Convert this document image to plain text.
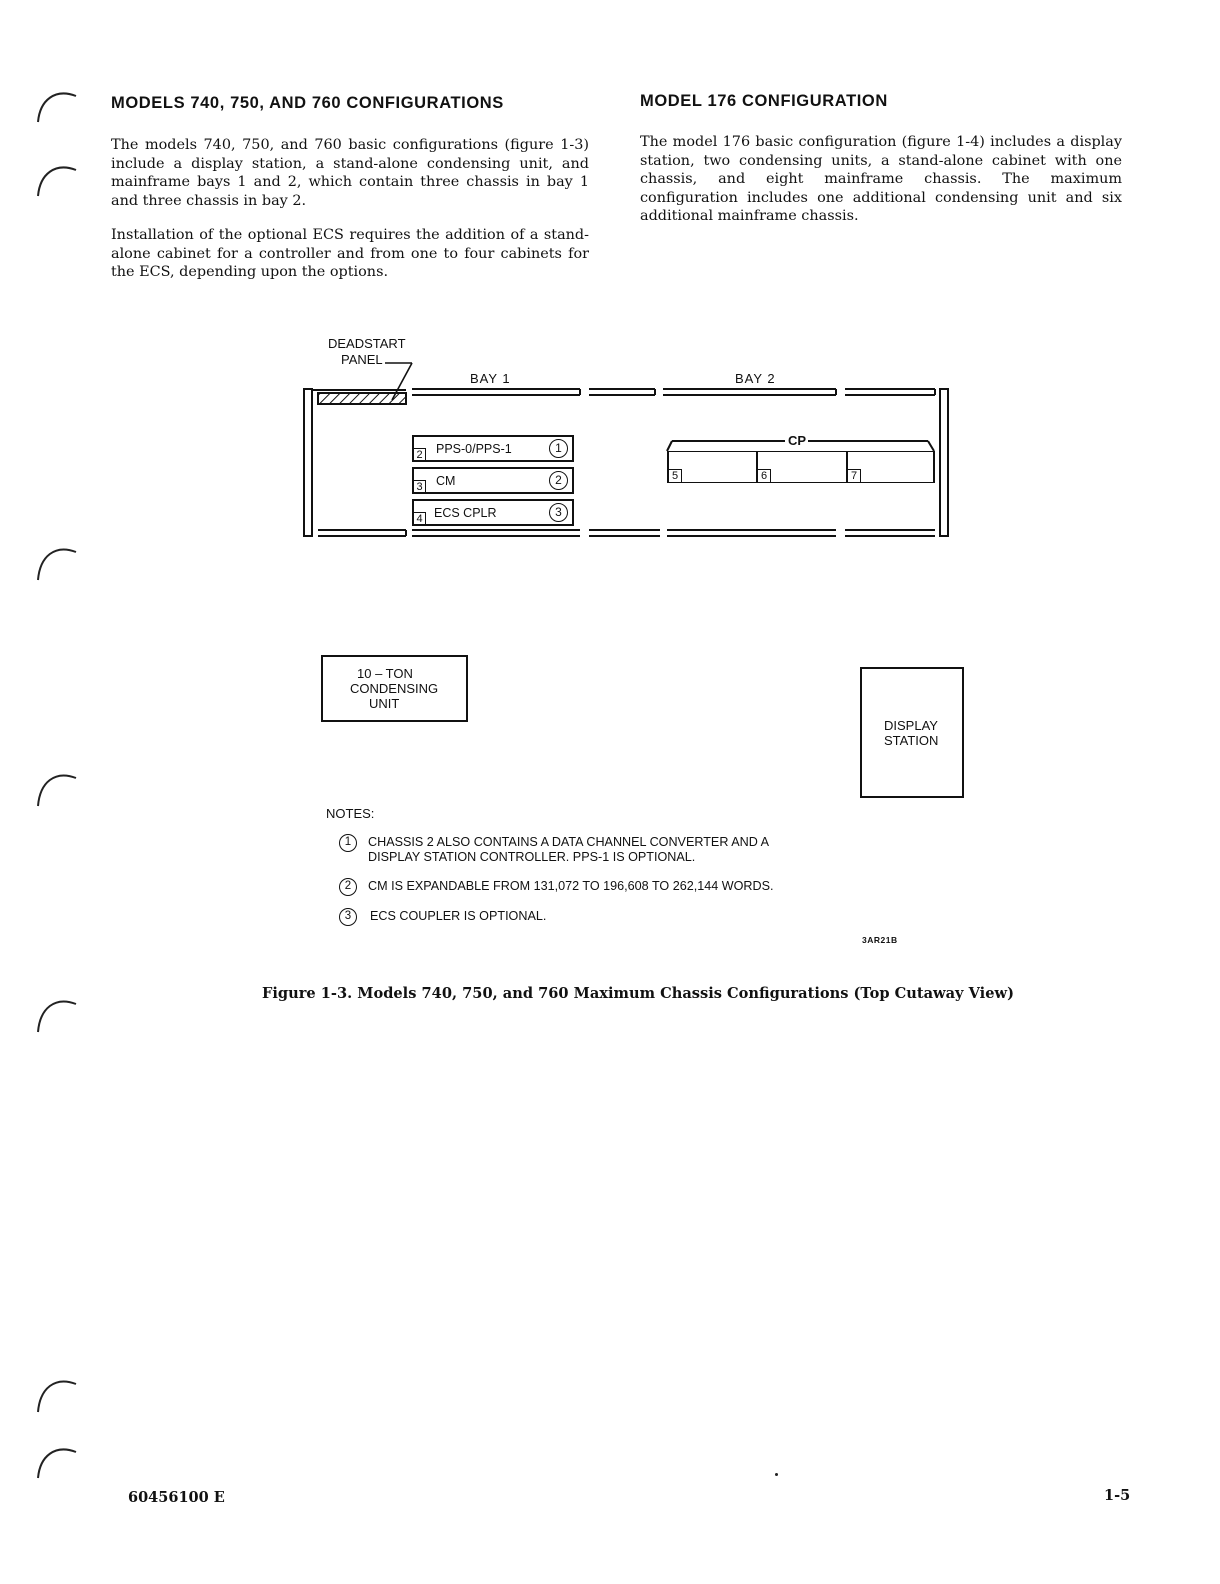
MODELS 740, 750, AND 760 CONFIGURATIONS

The models 740, 750, and 760 basic configurations (figure 1-3) include a display station, a stand-alone condensing unit, and mainframe bays 1 and 2, which contain three chassis in bay 1 and three chassis in bay 2.

Installation of the optional ECS requires the addition of a stand-alone cabinet for a controller and from one to four cabinets for the ECS, depending upon the options.

MODEL 176 CONFIGURATION

The model 176 basic configuration (figure 1-4) includes a display station, two condensing units, a stand-alone cabinet with one chassis, and eight mainframe chassis. The maximum configuration includes one additional condensing unit and six additional mainframe chassis.

DEADSTART
PANEL
BAY 1	BAY 2
CP
2 PPS-0/PPS-1	1
3 CM	2
4 ECS CPLR	3
5	6	7
10 – TON
CONDENSING
UNIT
DISPLAY
STATION
NOTES:
1	CHASSIS 2 ALSO CONTAINS A DATA CHANNEL CONVERTER AND A
DISPLAY STATION CONTROLLER. PPS-1 IS OPTIONAL.
2	CM IS EXPANDABLE FROM 131,072 TO 196,608 TO 262,144 WORDS.
3	ECS COUPLER IS OPTIONAL.
3AR21B
Figure 1-3. Models 740, 750, and 760 Maximum Chassis Configurations (Top Cutaway View)
60456100 E	1-5
